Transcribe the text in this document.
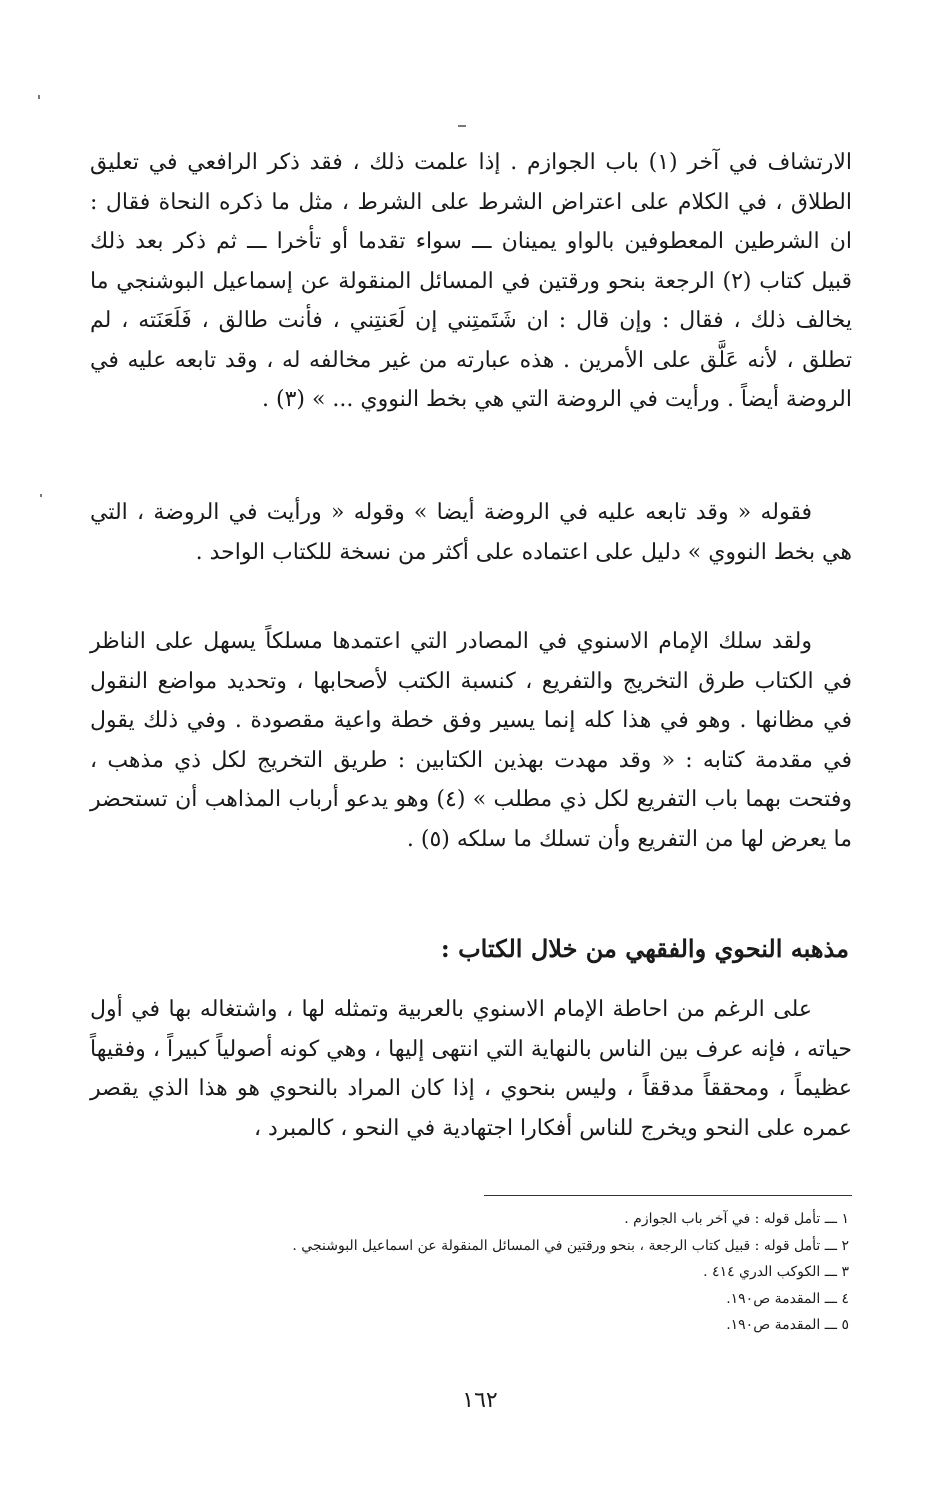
الارتشاف في آخر (١) باب الجوازم . إذا علمت ذلك ، فقد ذكر الرافعي في تعليق الطلاق ، في الكلام على اعتراض الشرط على الشرط ، مثل ما ذكره النحاة فقال : ان الشرطين المعطوفين بالواو يمينان ـــ سواء تقدما أو تأخرا ـــ ثم ذكر بعد ذلك قبيل كتاب (٢) الرجعة بنحو ورقتين في المسائل المنقولة عن إسماعيل البوشنجي ما يخالف ذلك ، فقال : وإن قال : ان شَتَمتِني إن لَعَنتِني ، فأنت طالق ، فَلَعَنَته ، لم تطلق ، لأنه عَلَّق على الأمرين . هذه عبارته من غير مخالفه له ، وقد تابعه عليه في الروضة أيضاً . ورأيت في الروضة التي هي بخط النووي ... » (٣) .

فقوله « وقد تابعه عليه في الروضة أيضا » وقوله « ورأيت في الروضة ، التي هي بخط النووي » دليل على اعتماده على أكثر من نسخة للكتاب الواحد .

ولقد سلك الإمام الاسنوي في المصادر التي اعتمدها مسلكاً يسهل على الناظر في الكتاب طرق التخريج والتفريع ، كنسبة الكتب لأصحابها ، وتحديد مواضع النقول في مظانها . وهو في هذا كله إنما يسير وفق خطة واعية مقصودة . وفي ذلك يقول في مقدمة كتابه : « وقد مهدت بهذين الكتابين : طريق التخريج لكل ذي مذهب ، وفتحت بهما باب التفريع لكل ذي مطلب » (٤) وهو يدعو أرباب المذاهب أن تستحضر ما يعرض لها من التفريع وأن تسلك ما سلكه (٥) .

مذهبه النحوي والفقهي من خلال الكتاب :

على الرغم من احاطة الإمام الاسنوي بالعربية وتمثله لها ، واشتغاله بها في أول حياته ، فإنه عرف بين الناس بالنهاية التي انتهى إليها ، وهي كونه أصولياً كبيراً ، وفقيهاً عظيماً ، ومحققاً مدققاً ، وليس بنحوي ، إذا كان المراد بالنحوي هو هذا الذي يقصر عمره على النحو ويخرج للناس أفكارا اجتهادية في النحو ، كالمبرد ،

١ ـــ تأمل قوله : في آخر باب الجوازم .
٢ ـــ تأمل قوله : قبيل كتاب الرجعة ، بنحو ورقتين في المسائل المنقولة عن اسماعيل البوشنجي .
٣ ـــ الكوكب الدري ٤١٤ .
٤ ـــ المقدمة ص١٩٠.
٥ ـــ المقدمة ص١٩٠.
١٦٢
